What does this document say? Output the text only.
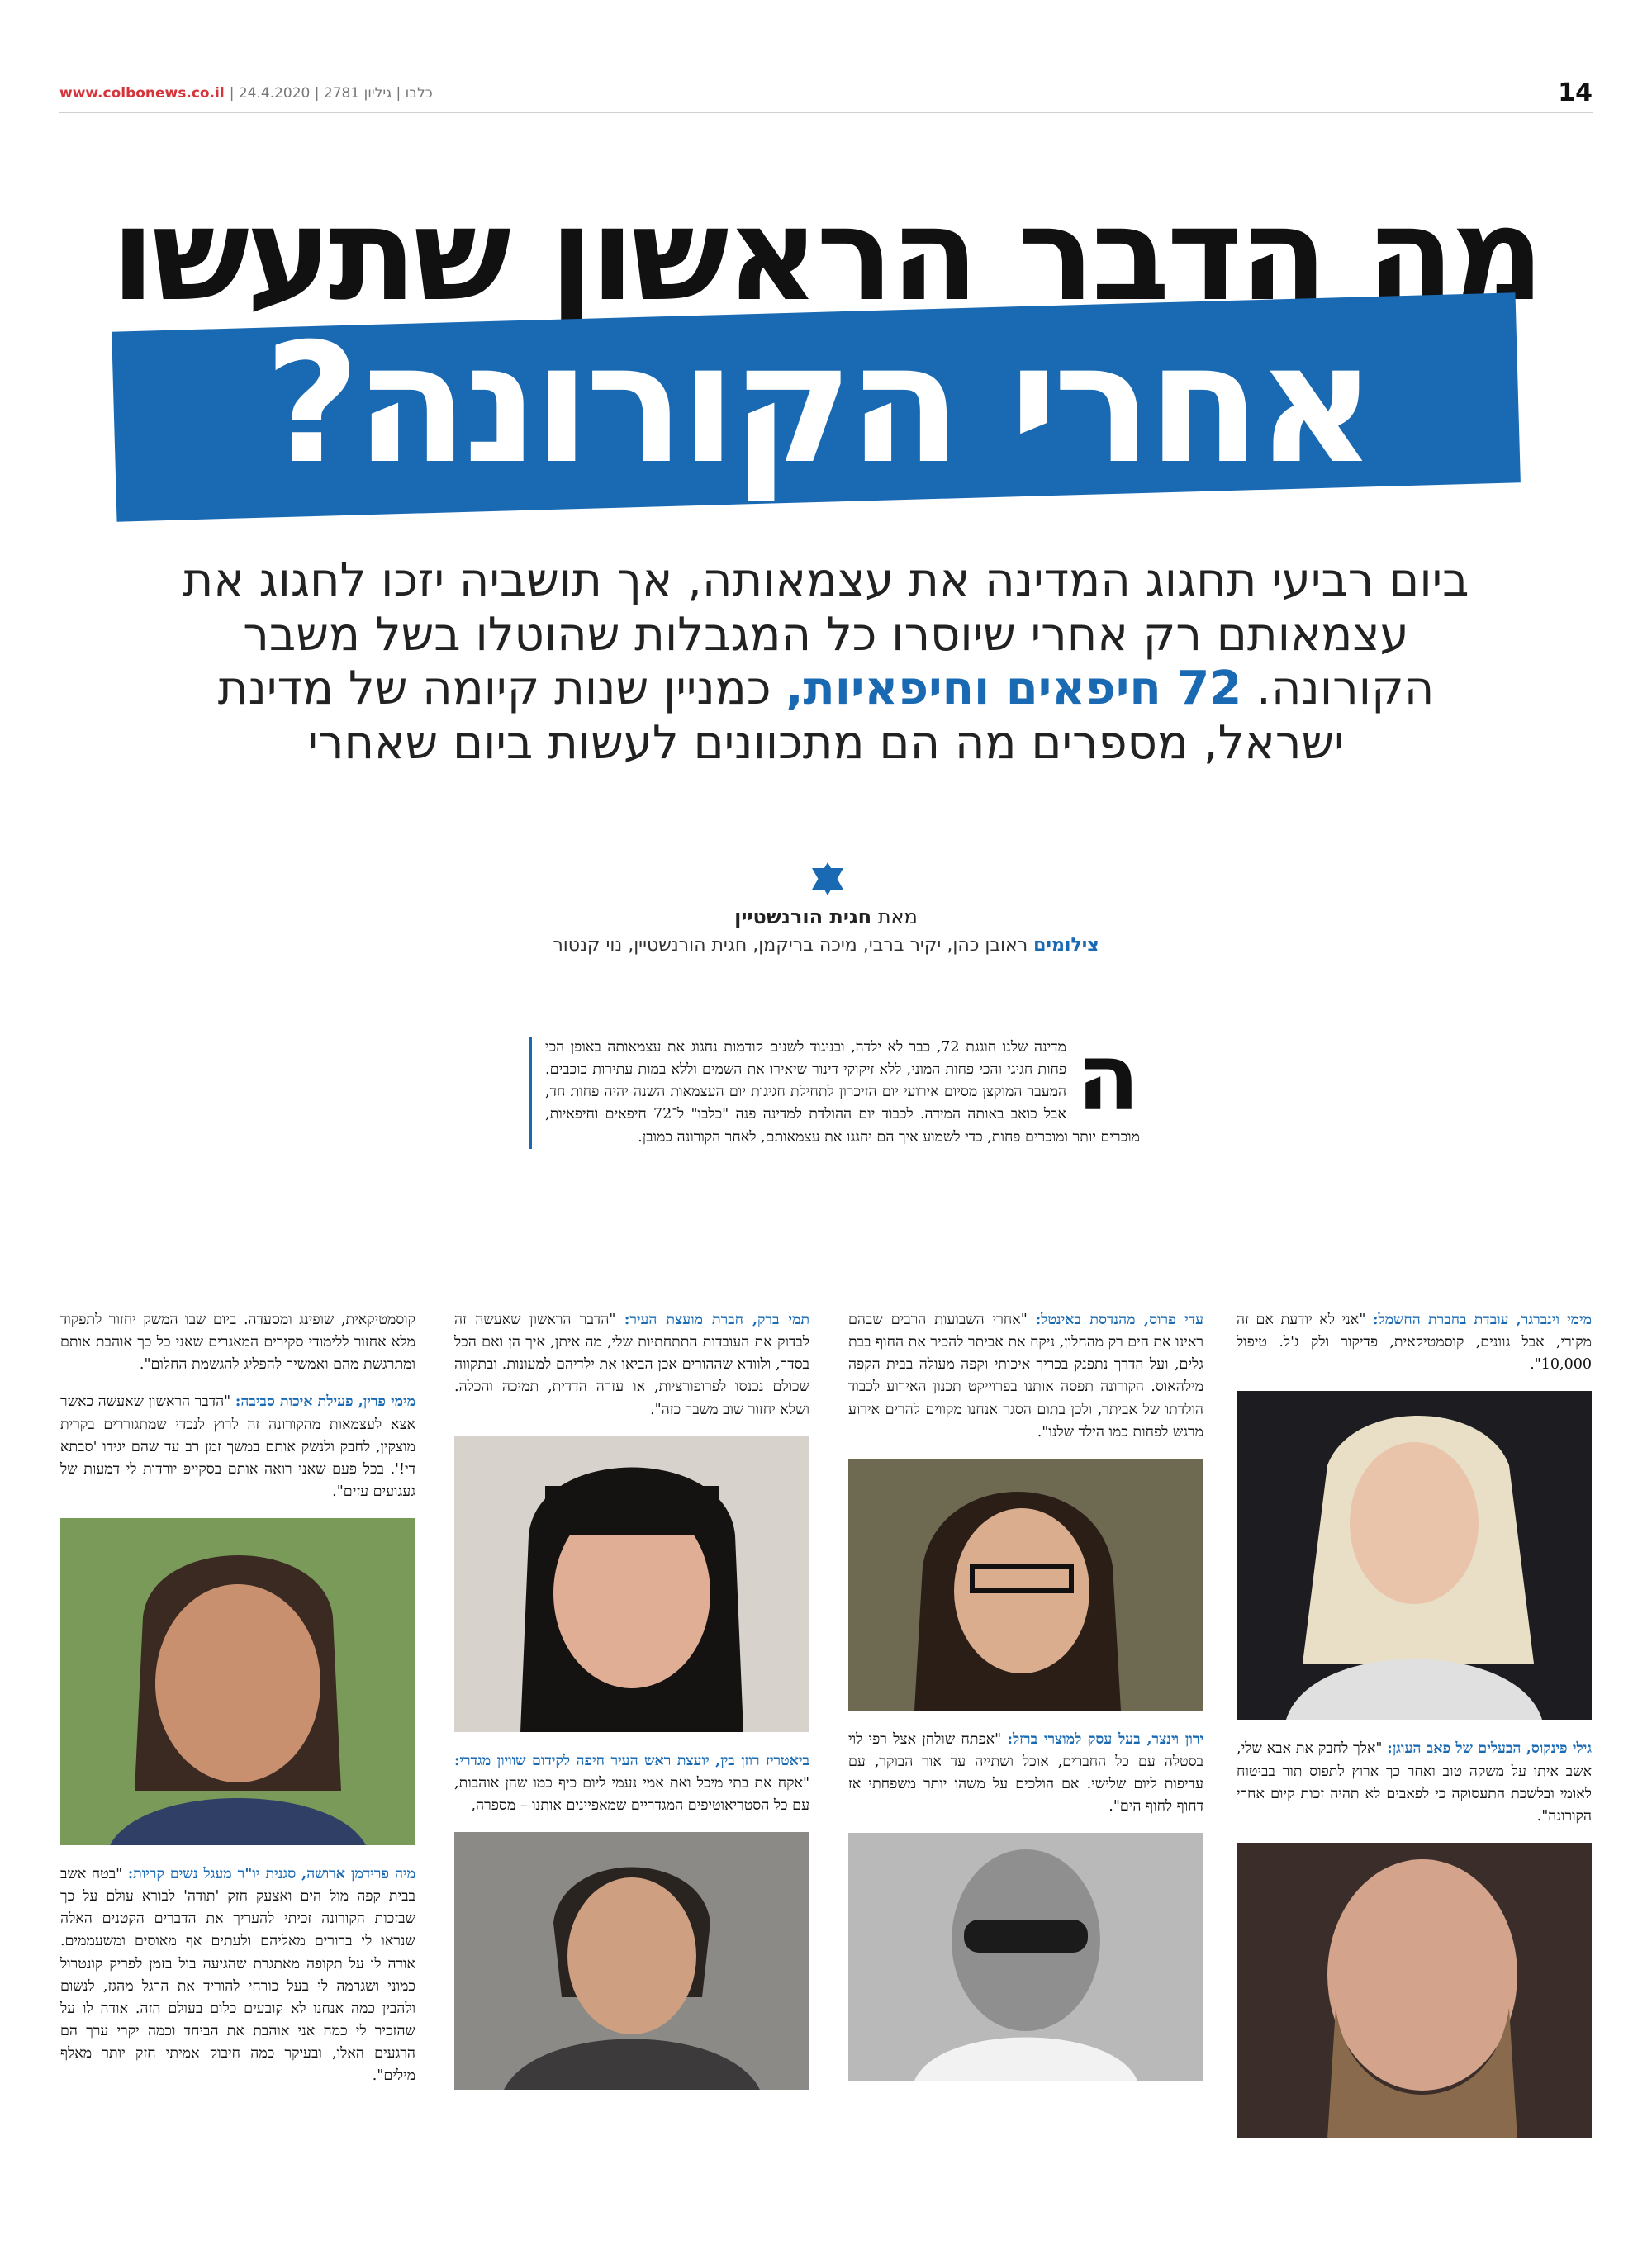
www.colbonews.co.il | כלבו | גיליון 2781 | 24.4.2020	14
מה הדבר הראשון שתעשו
אחרי הקורונה?
ביום רביעי תחגוג המדינה את עצמאותה, אך תושביה יזכו לחגוג את עצמאותם רק אחרי שיוסרו כל המגבלות שהוטלו בשל משבר הקורונה. 72 חיפאים וחיפאיות, כמניין שנות קיומה של מדינת ישראל, מספרים מה הם מתכוונים לעשות ביום שאחרי
מאת חגית הורנשטיין
צילומים ראובן כהן, יקיר ברבי, מיכה בריקמן, חגית הורנשטיין, נוי קנטור
ה

מדינה שלנו חוגגת 72, כבר לא ילדה, ובניגוד לשנים קודמות נחגוג את עצמאותה באופן הכי פחות חגיגי והכי פחות המוני, ללא זיקוקי דינור שיאירו את השמים וללא במות עתירות כוכבים. המעבר המוקצן מסיום אירועי יום הזיכרון לתחילת חגיגות יום העצמאות השנה יהיה פחות חד, אבל כואב באותה המידה. לכבוד יום ההולדת למדינה פנה "כלבו" ל־72 חיפאים וחיפאיות, מוכרים יותר ומוכרים פחות, כדי לשמוע איך הם יחגגו את עצמאותם, לאחר הקורונה כמובן.

מימי וינברגר, עובדת בחברת החשמל: "אני לא יודעת אם זה מקורי, אבל גוונים, קוסמטיקאית, פדיקור ולק ג'ל. טיפול 10,000".

גילי פינקוס, הבעלים של פאב העוגן: "אלך לחבק את אבא שלי, אשב איתו על משקה טוב ואחר כך ארוץ לתפוס תור בביטוח לאומי ובלשכת התעסוקה כי לפאבים לא תהיה זכות קיום אחרי הקורונה".

עדי פרוס, מהנדסת באינטל: "אחרי השבועות הרבים שבהם ראינו את הים רק מהחלון, ניקח את אביתר להכיר את החוף בבת גלים, ועל הדרך נתפנק בכריך איכותי וקפה מעולה בבית הקפה מילהאוס. הקורונה תפסה אותנו בפרוייקט תכנון האירוע לכבוד הולדתו של אביתר, ולכן בתום הסגר אנחנו מקווים להרים אירוע מרגש לפחות כמו הילד שלנו".

ירון וינצר, בעל עסק למוצרי ברזל: "אפתח שולחן אצל רפי לוי בסטלה עם כל החברים, אוכל ושתייה עד אור הבוקר, עם עדיפות ליום שלישי. אם הולכים על משהו יותר משפחתי אז דחוף לחוף הים".

תמי ברק, חברת מועצת העיר: "הדבר הראשון שאעשה זה לבדוק את העובדות התתחתיות שלי, מה איתן, איך הן ואם הכל בסדר, ולוודא שההורים אכן הביאו את ילדיהם למעונות. ובתקווה שכולם נכנסו לפרופורציות, או עזרה הדדית, תמיכה והכלה. ושלא יחזור שוב משבר כזה".

ביאטריז רוזן בין, יועצת ראש העיר חיפה לקידום שוויון מגדרי: "אקח את בתי מיכל ואת אמי נעמי ליום כיף כמו שהן אוהבות, עם כל הסטריאוטיפים המגדריים שמאפיינים אותנו – מספרה,

קוסמטיקאית, שופינג ומסעדה. ביום שבו המשק יחזור לתפקוד מלא אחזור ללימודי סקירים המאגרים שאני כל כך אוהבת אותם ומתרגשת מהם ואמשיך להפליג להגשמת החלום".

מימי פרין, פעילת איכות סביבה: "הדבר הראשון שאעשה כאשר אצא לעצמאות מהקורונה זה לרוץ לנכדי שמתגוררים בקרית מוצקין, לחבק ולנשק אותם במשך זמן רב עד שהם יגידו 'סבתא די!'. בכל פעם שאני רואה אותם בסקייפ יורדות לי דמעות של געגועים עזים".

מיה פרידמן ארושה, סגנית יו"ר מעגל נשים קריות: "בטח אשב בבית קפה מול הים ואצעק חזק 'תודה' לבורא עולם על כך שבזכות הקורונה זכיתי להעריך את הדברים הקטנים האלה שנראו לי ברורים מאליהם ולעתים אף מאוסים ומשעממים. אודה לו על תקופה מאתגרת שהגיעה בול בזמן לפריק קונטרול כמוני ושגרמה לי בעל כורחי להוריד את הרגל מהגז, לנשום ולהבין כמה אנחנו לא קובעים כלום בעולם הזה. אודה לו על שהזכיר לי כמה אני אוהבת את הביחד וכמה יקרי ערך הם הרגעים האלו, ובעיקר כמה חיבוק אמיתי חזק יותר מאלף מילים".
